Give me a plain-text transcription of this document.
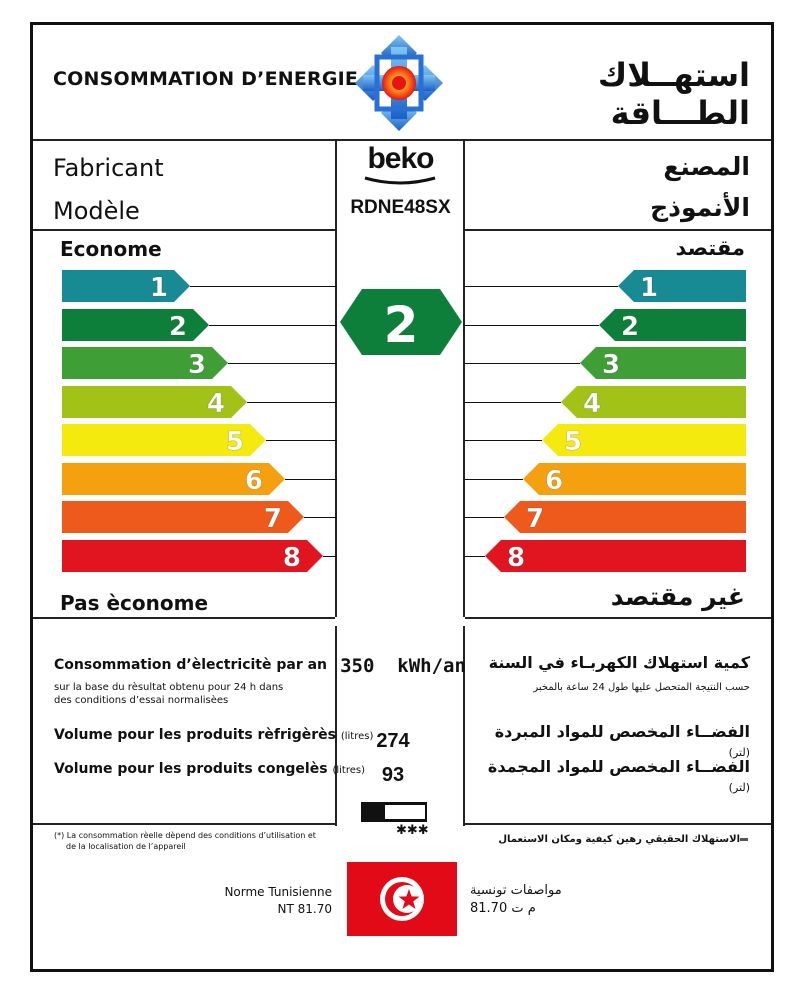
CONSOMMATION D’ENERGIE	استهــلاك الطـــاقة
Fabricant	المصنع
Modèle	الأنموذج
beko
RDNE48SX
Econome	مقتصد
Pas èconome	غير مقتصد
1
2
3
4
5
6
7
8
1
2
3
4
5
6
7
8
2
Consommation d’èlectricitè par an
sur la base du rèsultat obtenu pour 24 h dans
des conditions d’essai normalisèes
350  kWh/an	كمية استهلاك الكهربـاء في السنة
حسب النتيجة المتحصل عليها طول 24 ساعة بالمخبر
Volume pour les produits rèfrigèrès (litres) 274	الفضــاء المخصص للمواد المبردة (لتر)
Volume pour les produits congelès (litres) 93	الفضــاء المخصص للمواد المجمدة (لتر)

✱  ✱✱✱

(*) La consommation rèelle dèpend des conditions d’utilisation et
de la localisation de l’appareil
الاستهلاك الحقيقي رهين كيفية ومكان الاستعمال
Norme Tunisienne
NT 81.70
مواصفات تونسية
م ت 81.70
